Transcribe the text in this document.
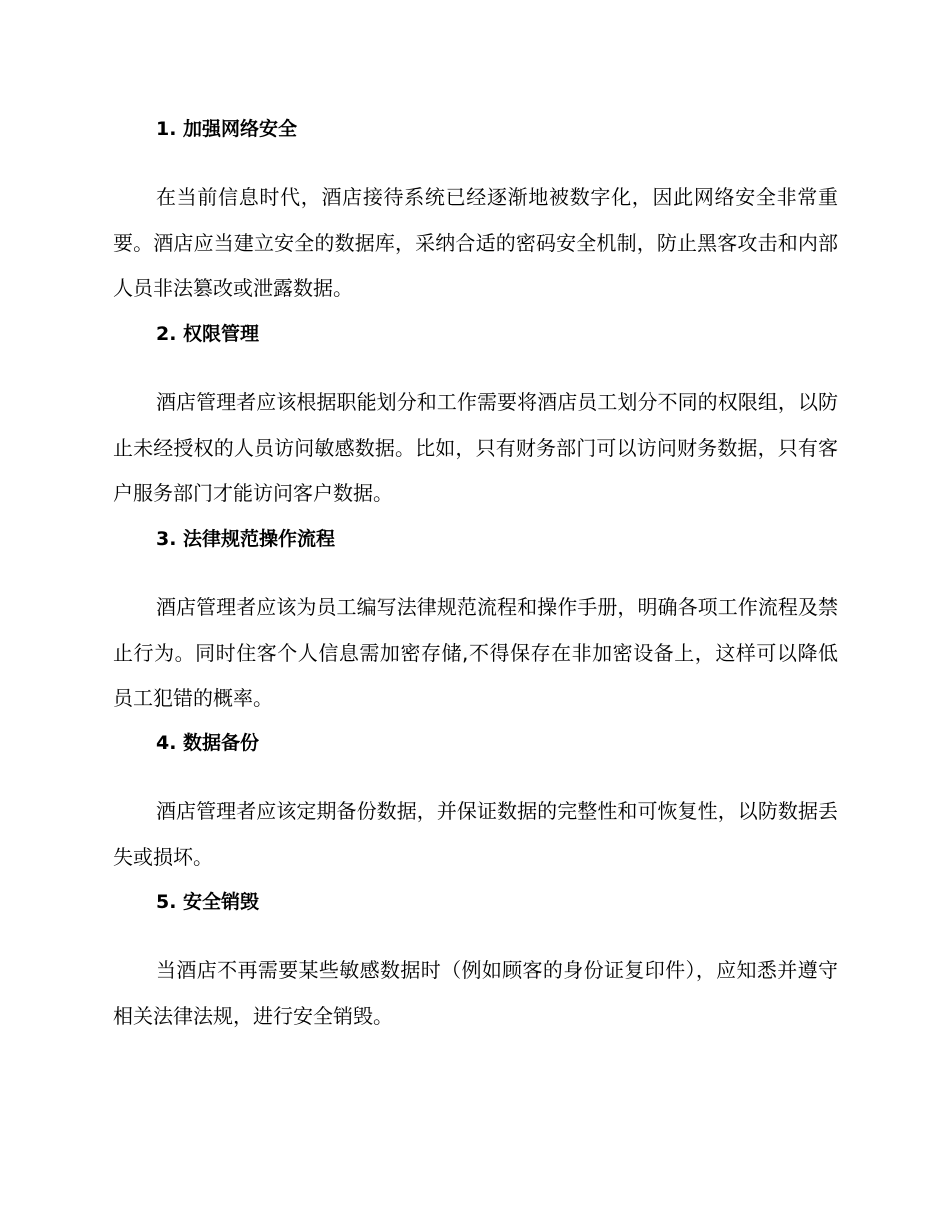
1. 加强网络安全

在当前信息时代，酒店接待系统已经逐渐地被数字化，因此网络安全非常重要。酒店应当建立安全的数据库，采纳合适的密码安全机制，防止黑客攻击和内部人员非法篡改或泄露数据。

2. 权限管理

酒店管理者应该根据职能划分和工作需要将酒店员工划分不同的权限组，以防止未经授权的人员访问敏感数据。比如，只有财务部门可以访问财务数据，只有客户服务部门才能访问客户数据。

3. 法律规范操作流程

酒店管理者应该为员工编写法律规范流程和操作手册，明确各项工作流程及禁止行为。同时住客个人信息需加密存储,不得保存在非加密设备上，这样可以降低员工犯错的概率。

4. 数据备份

酒店管理者应该定期备份数据，并保证数据的完整性和可恢复性，以防数据丢失或损坏。

5. 安全销毁

当酒店不再需要某些敏感数据时（例如顾客的身份证复印件），应知悉并遵守相关法律法规，进行安全销毁。
